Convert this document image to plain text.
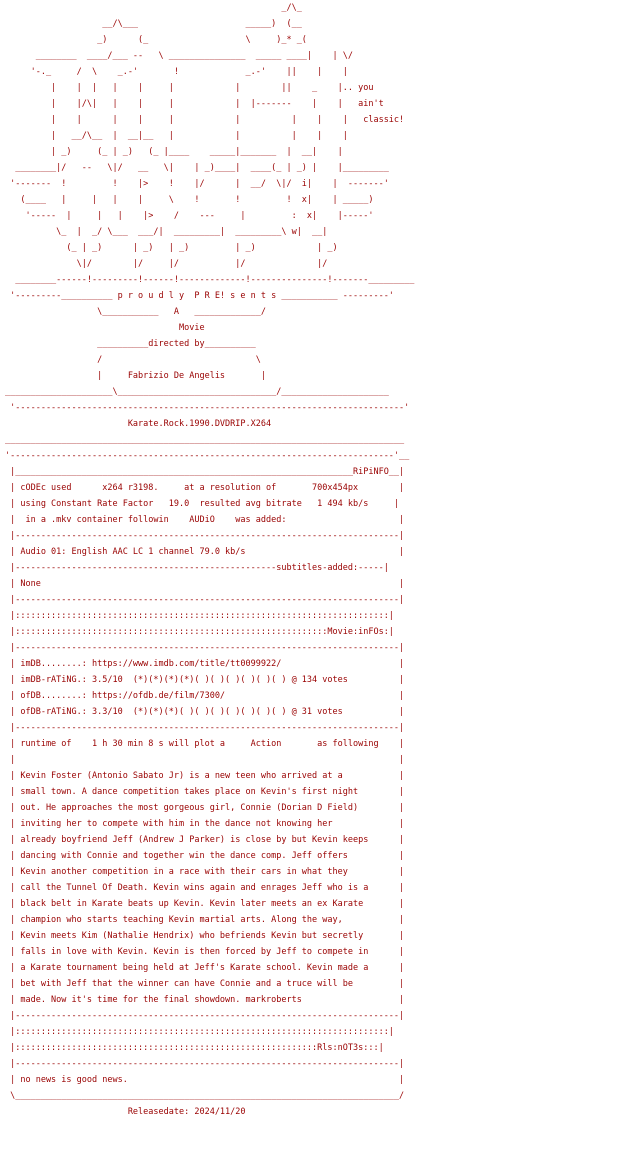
_/\_
__/\___                     _____)  (__
_)      (_                   \     )_* _(
________  ____/___ --   \ _______________  _____ ____|    | \/
'-._     /  \    _.-'       !             _.-'    ||    |    |
|    |  |   |    |     |            |        ||    _    |.. you
|    |/\|   |    |     |            |  |-------    |    |   ain't
|    |      |    |     |            |          |    |    |   classic!
|   __/\__  |  __|__   |            |          |    |    |
| _)     (_ | _)   (_ |____    _____|_______  |  __|    |
________|/   --   \|/   __   \|    | _)____|  ____(_ | _) |    |_________
'-------  !         !    |>    !    |/      |  __/  \|/  i|    |  -------'
(____   |     |   |    |     \    !       !         !  x|    | _____)
'-----  |     |   |    |>    /    ---     |         :  x|    |-----'
\_  |  _/ \___  ___/|  _________|  _________\ w|  __|
(_ | _)      | _)   | _)         | _)            | _)
\|/        |/     |/           |/              |/
________------!---------!------!-------------!---------------!-------_________
'---------__________ p r o u d l y  P R E! s e n t s ___________ ---------'
\___________   A   _____________/
Movie
__________directed by__________
/                              \
|     Fabrizio De Angelis       |
_____________________\_______________________________/_____________________
'----------------------------------------------------------------------------'
Karate.Rock.1990.DVDRIP.X264
______________________________________________________________________________
'---------------------------------------------------------------------------'__
|__________________________________________________________________RiPiNFO__|
| cODEc used      x264 r3198.     at a resolution of       700x454px        |
| using Constant Rate Factor   19.0  resulted avg bitrate   1 494 kb/s     |
|  in a .mkv container followin    AUDiO    was added:                      |
|---------------------------------------------------------------------------|
| Audio 01: English AAC LC 1 channel 79.0 kb/s                              |
|---------------------------------------------------subtitles-added:-----|
| None                                                                      |
|---------------------------------------------------------------------------|
|:::::::::::::::::::::::::::::::::::::::::::::::::::::::::::::::::::::::::|
|:::::::::::::::::::::::::::::::::::::::::::::::::::::::::::::Movie:inFOs:|
|---------------------------------------------------------------------------|
| imDB........: https://www.imdb.com/title/tt0099922/                       |
| imDB-rATiNG.: 3.5/10  (*)(*)(*)(*)( )( )( )( )( )( ) @ 134 votes          |
| ofDB........: https://ofdb.de/film/7300/                                  |
| ofDB-rATiNG.: 3.3/10  (*)(*)(*)( )( )( )( )( )( )( ) @ 31 votes           |
|---------------------------------------------------------------------------|
| runtime of    1 h 30 min 8 s will plot a     Action       as following    |
|                                                                           |
| Kevin Foster (Antonio Sabato Jr) is a new teen who arrived at a           |
| small town. A dance competition takes place on Kevin's first night        |
| out. He approaches the most gorgeous girl, Connie (Dorian D Field)        |
| inviting her to compete with him in the dance not knowing her             |
| already boyfriend Jeff (Andrew J Parker) is close by but Kevin keeps      |
| dancing with Connie and together win the dance comp. Jeff offers          |
| Kevin another competition in a race with their cars in what they          |
| call the Tunnel Of Death. Kevin wins again and enrages Jeff who is a      |
| black belt in Karate beats up Kevin. Kevin later meets an ex Karate       |
| champion who starts teaching Kevin martial arts. Along the way,           |
| Kevin meets Kim (Nathalie Hendrix) who befriends Kevin but secretly       |
| falls in love with Kevin. Kevin is then forced by Jeff to compete in      |
| a Karate tournament being held at Jeff's Karate school. Kevin made a      |
| bet with Jeff that the winner can have Connie and a truce will be         |
| made. Now it's time for the final showdown. markroberts                   |
|---------------------------------------------------------------------------|
|:::::::::::::::::::::::::::::::::::::::::::::::::::::::::::::::::::::::::|
|:::::::::::::::::::::::::::::::::::::::::::::::::::::::::::Rls:nOT3s:::|
|---------------------------------------------------------------------------|
| no news is good news.                                                     |
\___________________________________________________________________________/
Releasedate: 2024/11/20
